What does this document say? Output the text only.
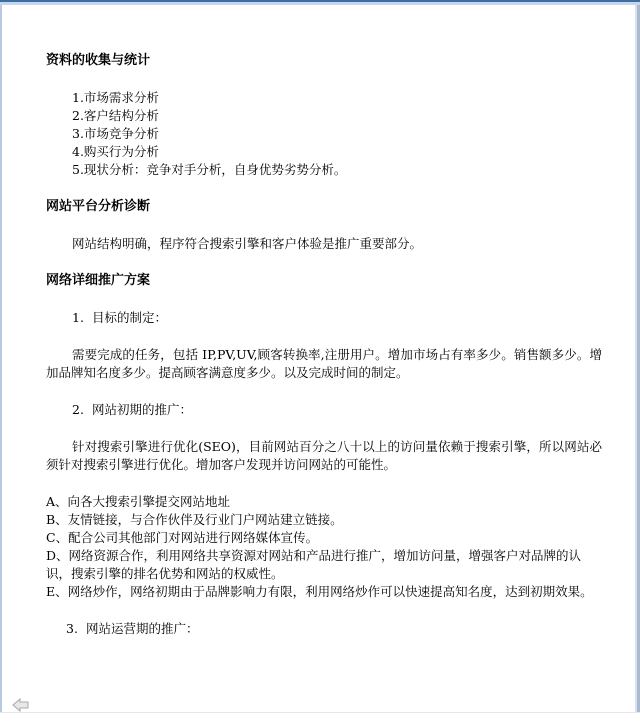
资料的收集与统计
1.市场需求分析
2.客户结构分析
3.市场竞争分析
4.购买行为分析
5.现状分析：竞争对手分析，自身优势劣势分析。
网站平台分析诊断
网站结构明确，程序符合搜索引擎和客户体验是推广重要部分。
网络详细推广方案
1. 目标的制定：
需要完成的任务，包括 IP,PV,UV,顾客转换率,注册用户。增加市场占有率多少。销售额多少。增加品牌知名度多少。提高顾客满意度多少。以及完成时间的制定。
2. 网站初期的推广：
针对搜索引擎进行优化(SEO)，目前网站百分之八十以上的访问量依赖于搜索引擎，所以网站必须针对搜索引擎进行优化。增加客户发现并访问网站的可能性。
A、向各大搜索引擎提交网站地址
B、友情链接，与合作伙伴及行业门户网站建立链接。
C、配合公司其他部门对网站进行网络媒体宣传。
D、网络资源合作，利用网络共享资源对网站和产品进行推广，增加访问量，增强客户对品牌的认识，搜索引擎的排名优势和网站的权威性。
E、网络炒作，网络初期由于品牌影响力有限，利用网络炒作可以快速提高知名度，达到初期效果。
3. 网站运营期的推广：
